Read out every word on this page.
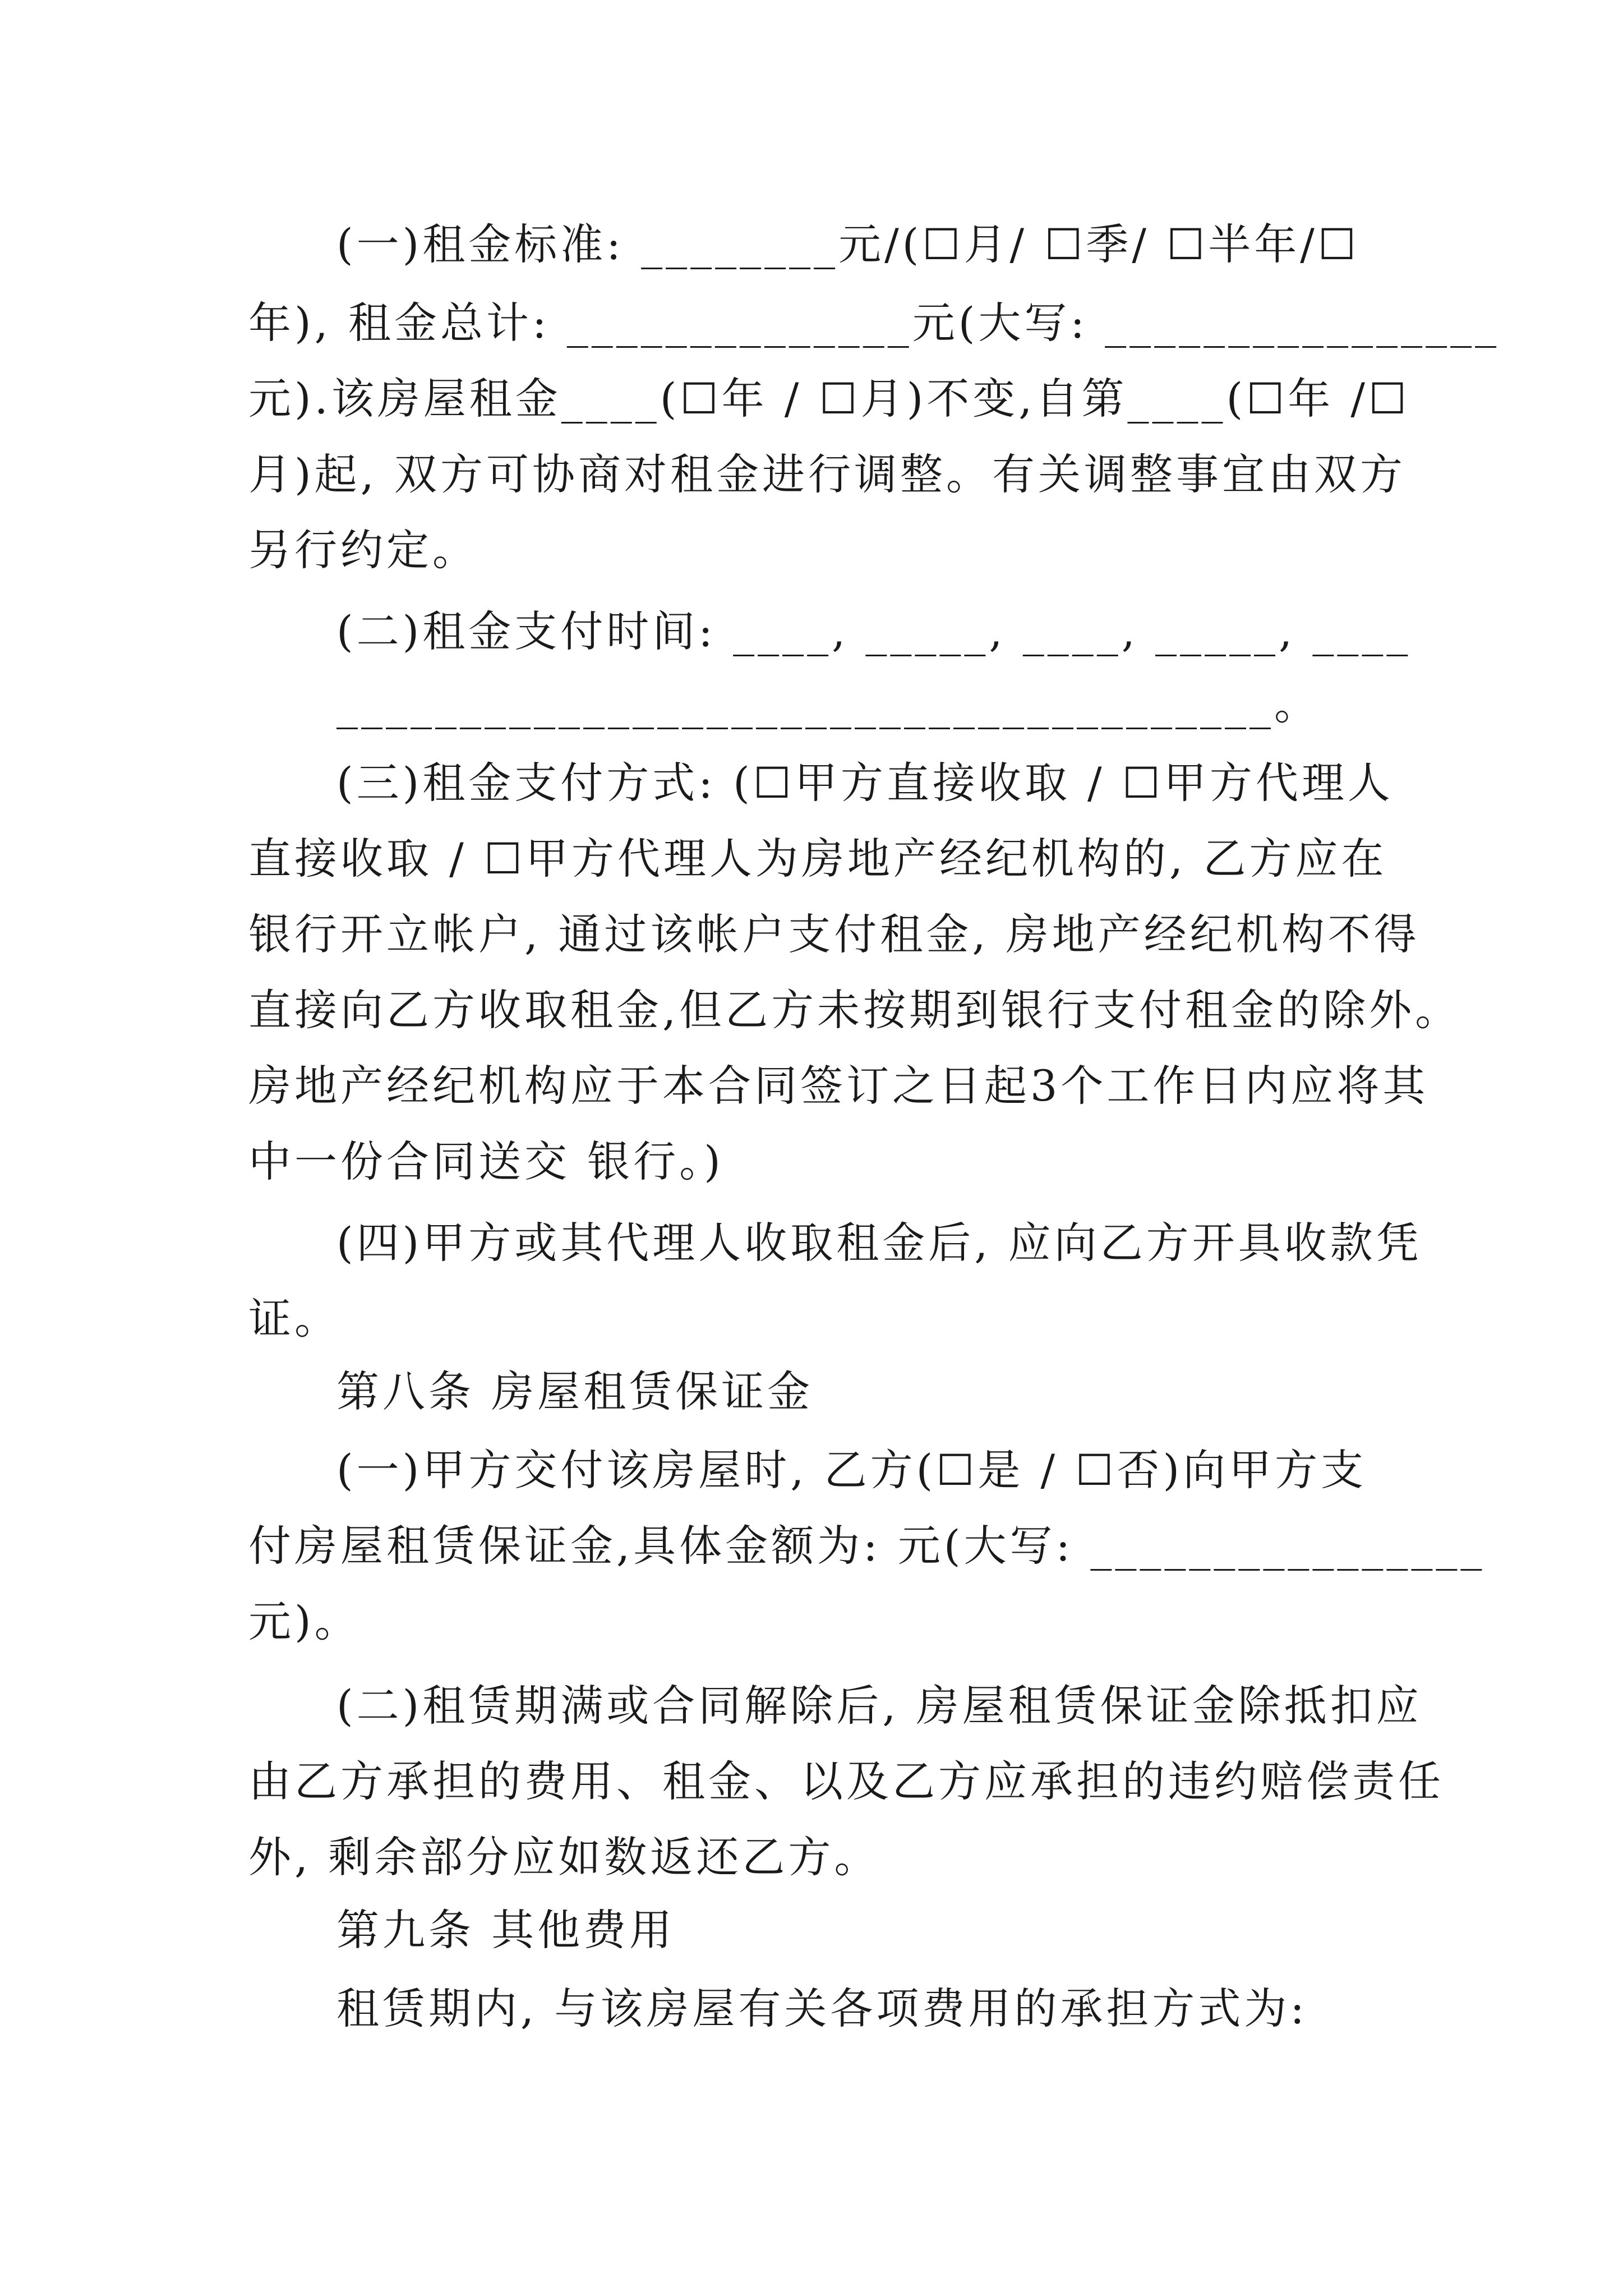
(一)租金标准: ________元/(☐月/ ☐季/ ☐半年/☐
年), 租金总计: ______________元(大写: ________________
元).该房屋租金____(☐年 / ☐月)不变,自第____(☐年 /☐
月)起, 双方可协商对租金进行调整。有关调整事宜由双方
另行约定。
(二)租金支付时间: ____, _____, ____, _____, ____
______________________________________。
(三)租金支付方式: (☐甲方直接收取 / ☐甲方代理人
直接收取 / ☐甲方代理人为房地产经纪机构的, 乙方应在
银行开立帐户, 通过该帐户支付租金, 房地产经纪机构不得
直接向乙方收取租金,但乙方未按期到银行支付租金的除外。
房地产经纪机构应于本合同签订之日起3个工作日内应将其
中一份合同送交 银行。)
(四)甲方或其代理人收取租金后, 应向乙方开具收款凭
证。
第八条 房屋租赁保证金
(一)甲方交付该房屋时, 乙方(☐是 / ☐否)向甲方支
付房屋租赁保证金,具体金额为: 元(大写: ________________
元)。
(二)租赁期满或合同解除后, 房屋租赁保证金除抵扣应
由乙方承担的费用、租金、以及乙方应承担的违约赔偿责任
外, 剩余部分应如数返还乙方。
第九条 其他费用
租赁期内, 与该房屋有关各项费用的承担方式为:
